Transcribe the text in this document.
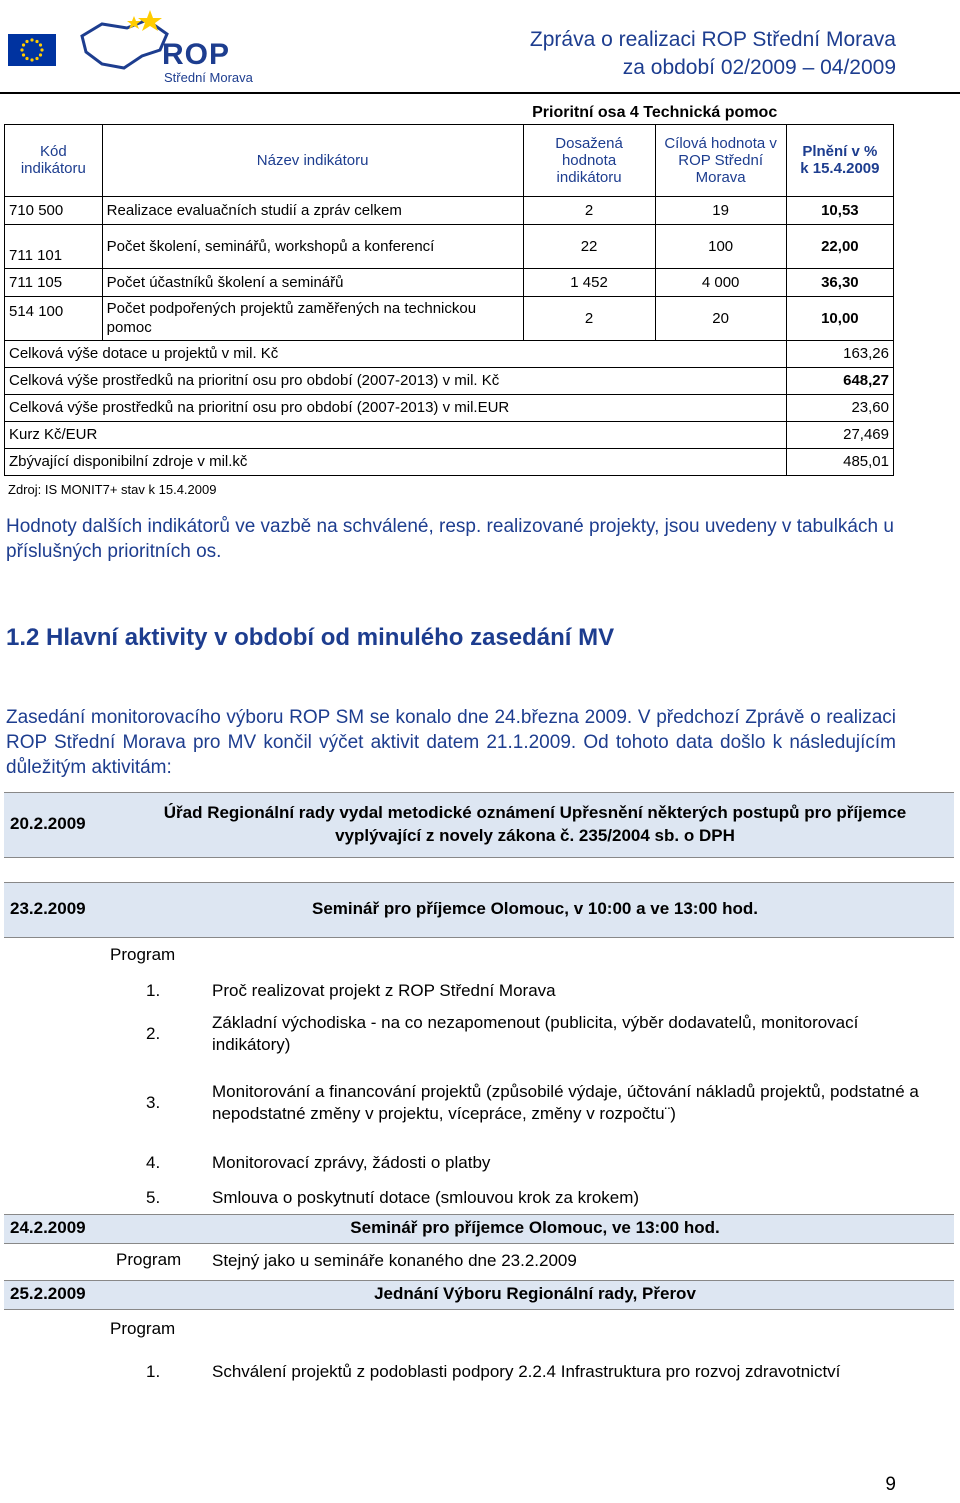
ROP
Střední Morava
Zpráva o realizaci ROP Střední Morava
za období 02/2009 – 04/2009
		Prioritní osa 4 Technická pomoc		
Kód indikátoru	Název indikátoru	Dosažená hodnota indikátoru	Cílová hodnota v ROP Střední Morava	Plnění v %
k 15.4.2009

710 500	Realizace evaluačních studií a zpráv celkem	2	19	10,53
711 101	Počet školení, seminářů, workshopů a konferencí	22	100	22,00
711 105	Počet účastníků školení a seminářů	1 452	4 000	36,30
514 100	Počet podpořených projektů zaměřených na technickou pomoc	2	20	10,00
Celková výše dotace u projektů v mil. Kč				163,26
Celková výše prostředků na prioritní osu pro období (2007-2013) v mil. Kč				648,27
Celková výše prostředků na prioritní osu pro období (2007-2013) v mil.EUR				23,60
Kurz Kč/EUR				27,469
Zbývající disponibilní zdroje v mil.kč				485,01
Zdroj: IS MONIT7+ stav k 15.4.2009
Hodnoty dalších indikátorů ve vazbě na schválené, resp. realizované projekty, jsou uvedeny v tabulkách u příslušných prioritních os.
1.2 Hlavní aktivity v období od minulého zasedání MV
Zasedání monitorovacího výboru ROP SM se konalo dne 24.března 2009. V předchozí Zprávě o realizaci ROP Střední Morava pro MV končil výčet aktivit datem 21.1.2009. Od tohoto data došlo k následujícím důležitým aktivitám:
20.2.2009
Úřad Regionální rady vydal metodické oznámení Upřesnění některých postupů pro příjemce vyplývající z novely zákona č. 235/2004 sb. o DPH
23.2.2009	Seminář pro příjemce Olomouc, v 10:00 a ve 13:00 hod.
Program
1.	Proč realizovat projekt z ROP Střední Morava
2.
Základní východiska - na co nezapomenout (publicita, výběr dodavatelů, monitorovací indikátory)
3.
Monitorování a financování projektů (způsobilé výdaje, účtování nákladů projektů, podstatné a nepodstatné změny v projektu, vícepráce, změny v rozpočtu¨)
4.	Monitorovací zprávy, žádosti o platby
5.	Smlouva o poskytnutí dotace (smlouvou krok za krokem)
24.2.2009	Seminář pro příjemce Olomouc, ve 13:00 hod.
Program Stejný jako u semináře konaného dne 23.2.2009
25.2.2009	Jednání Výboru Regionální rady, Přerov
Program
1.	Schválení projektů z podoblasti podpory 2.2.4 Infrastruktura pro rozvoj zdravotnictví
9
